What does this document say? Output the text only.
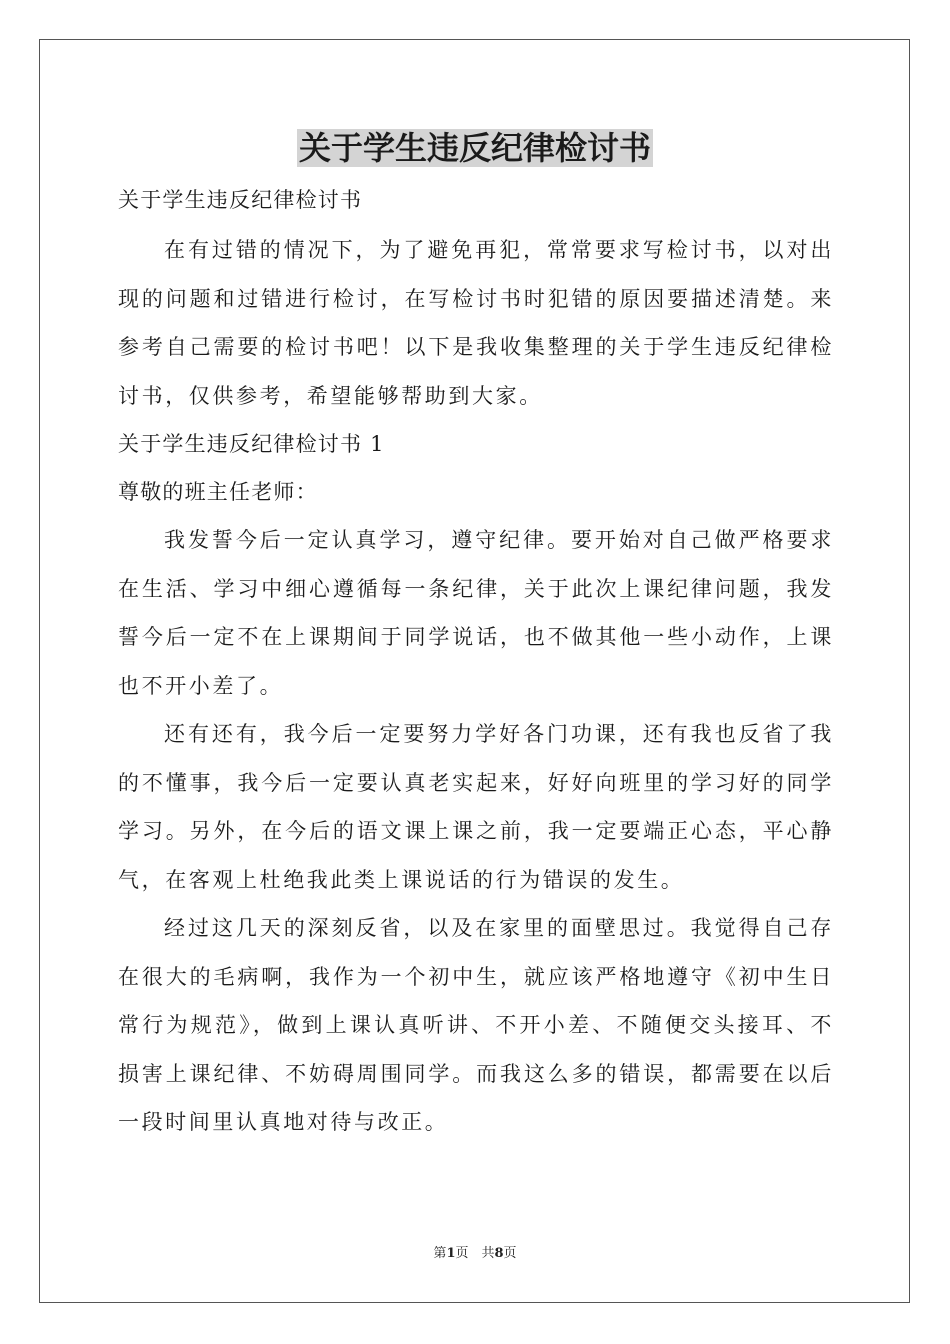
关于学生违反纪律检讨书

关于学生违反纪律检讨书

在有过错的情况下，为了避免再犯，常常要求写检讨书，以对出现的问题和过错进行检讨，在写检讨书时犯错的原因要描述清楚。来参考自己需要的检讨书吧！以下是我收集整理的关于学生违反纪律检讨书，仅供参考，希望能够帮助到大家。

关于学生违反纪律检讨书 1

尊敬的班主任老师：

我发誓今后一定认真学习，遵守纪律。要开始对自己做严格要求在生活、学习中细心遵循每一条纪律，关于此次上课纪律问题，我发誓今后一定不在上课期间于同学说话，也不做其他一些小动作，上课也不开小差了。

还有还有，我今后一定要努力学好各门功课，还有我也反省了我的不懂事，我今后一定要认真老实起来，好好向班里的学习好的同学学习。另外，在今后的语文课上课之前，我一定要端正心态，平心静气，在客观上杜绝我此类上课说话的行为错误的发生。

经过这几天的深刻反省，以及在家里的面壁思过。我觉得自己存在很大的毛病啊，我作为一个初中生，就应该严格地遵守《初中生日常行为规范》，做到上课认真听讲、不开小差、不随便交头接耳、不损害上课纪律、不妨碍周围同学。而我这么多的错误，都需要在以后一段时间里认真地对待与改正。

第1页　共8页
